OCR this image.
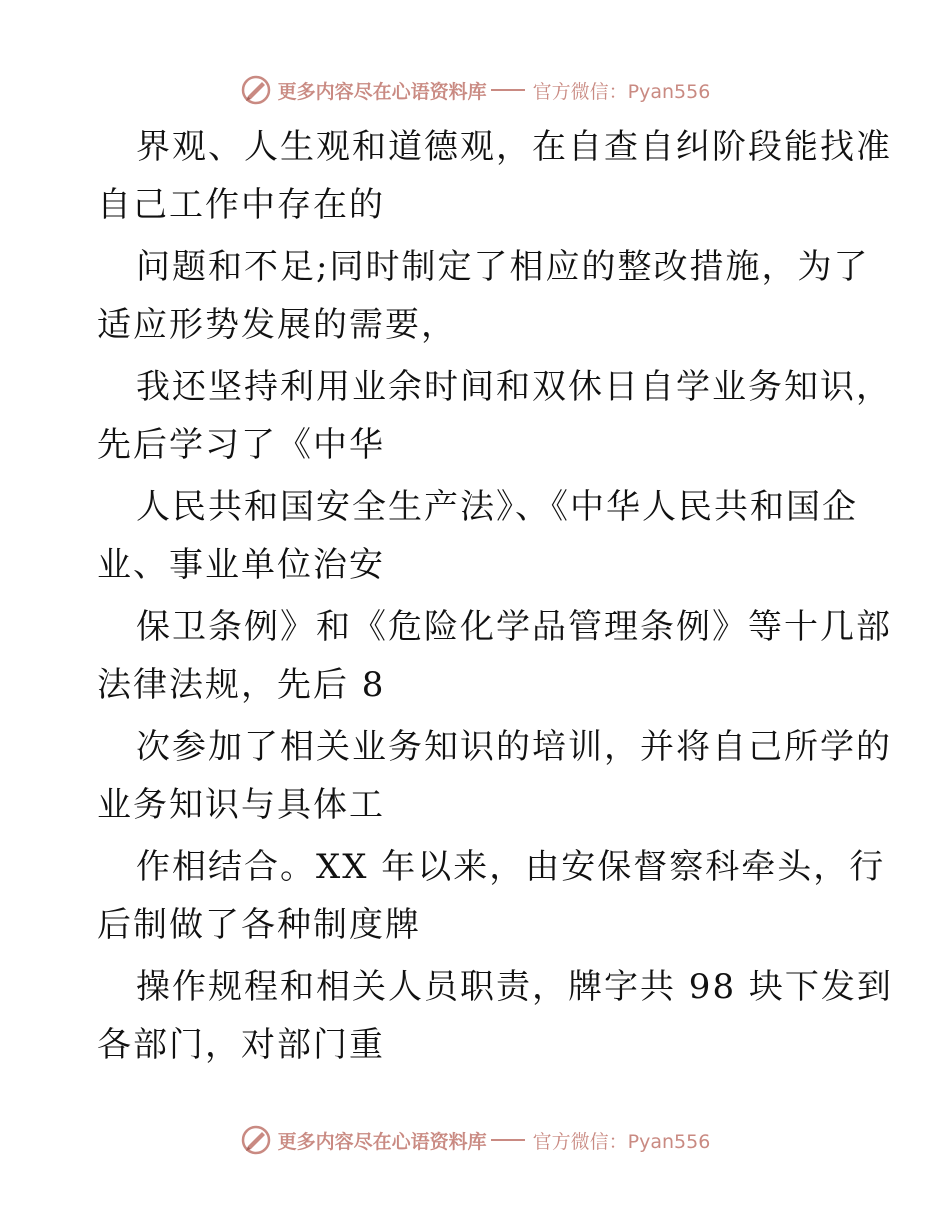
更多内容尽在心语资料库 官方微信：Pyan556

界观、人生观和道德观，在自查自纠阶段能找准
自己工作中存在的

问题和不足;同时制定了相应的整改措施，为了
适应形势发展的需要，

我还坚持利用业余时间和双休日自学业务知识，
先后学习了《中华

人民共和国安全生产法》、《中华人民共和国企
业、事业单位治安

保卫条例》和《危险化学品管理条例》等十几部
法律法规，先后 8

次参加了相关业务知识的培训，并将自己所学的
业务知识与具体工

作相结合。XX 年以来，由安保督察科牵头，行
后制做了各种制度牌

操作规程和相关人员职责，牌字共 98 块下发到
各部门，对部门重

更多内容尽在心语资料库 官方微信：Pyan556
